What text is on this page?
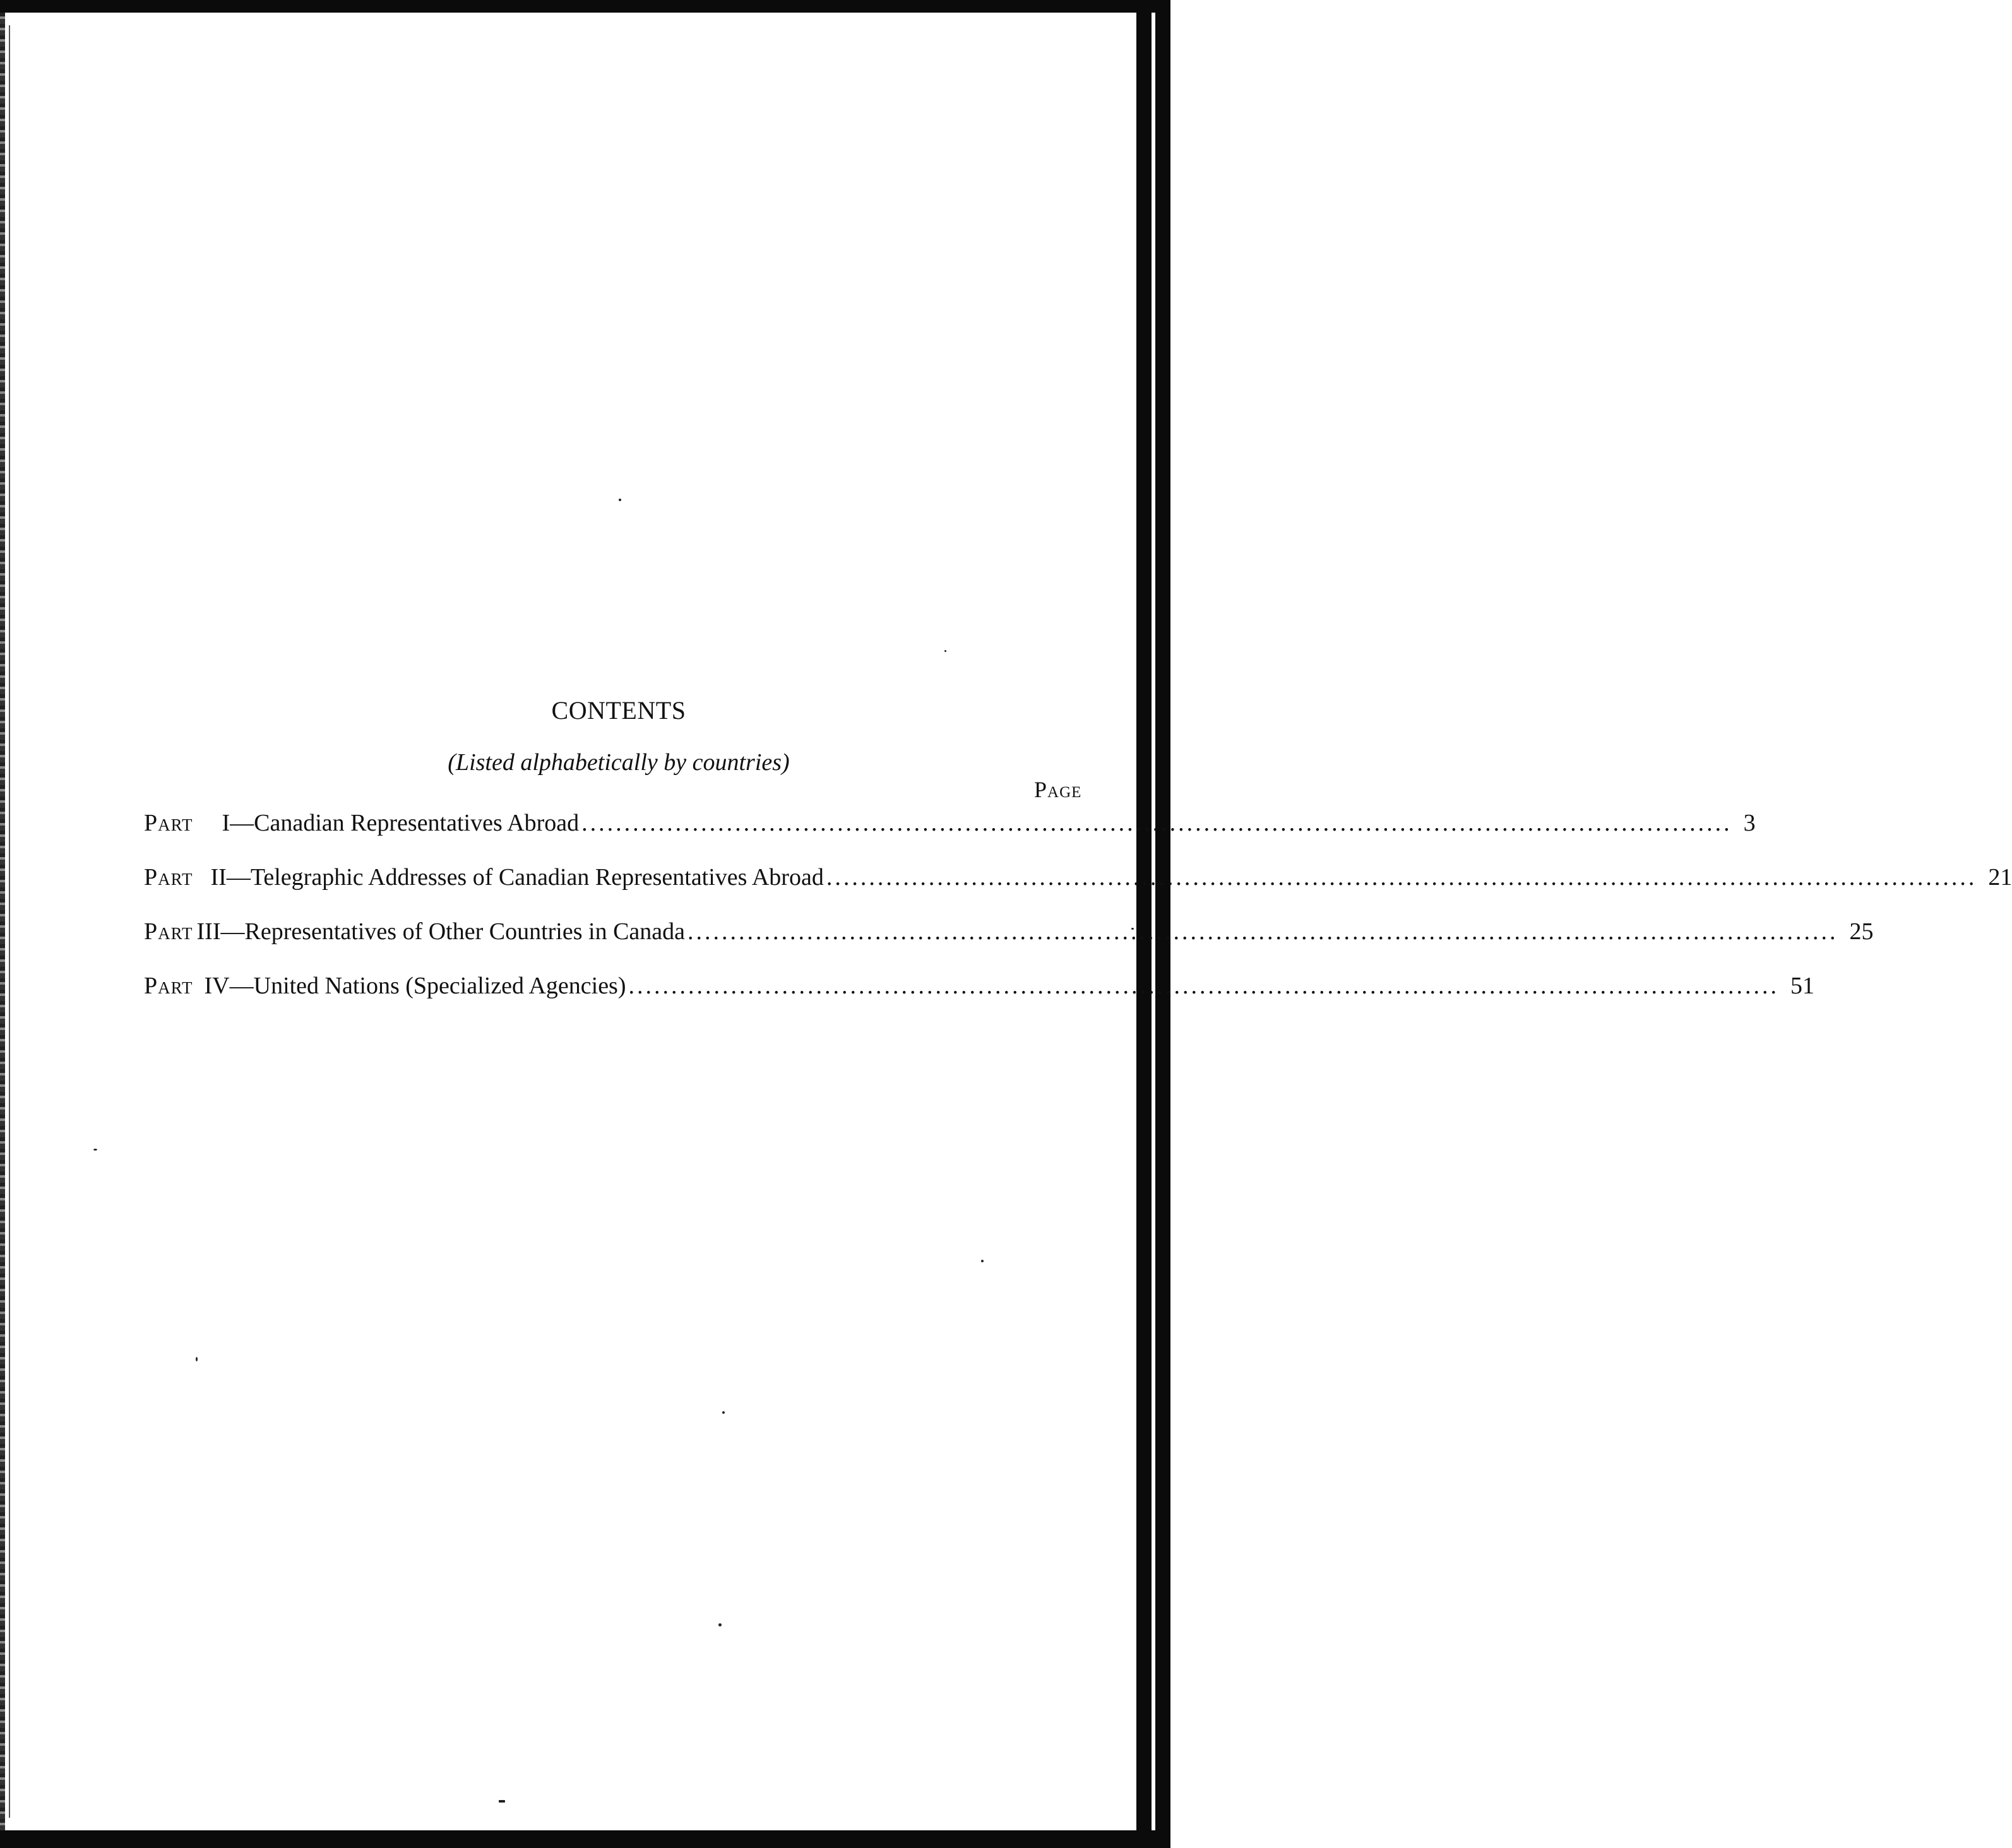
CONTENTS
(Listed alphabetically by countries)
Page
Part I —Canadian Representatives Abroad ....................................................................................................................................... 3
Part II —Telegraphic Addresses of Canadian Representatives Abroad ....................................................................................................................................... 21
Part III —Representatives of Other Countries in Canada ....................................................................................................................................... 25
Part IV —United Nations (Specialized Agencies) ....................................................................................................................................... 51
